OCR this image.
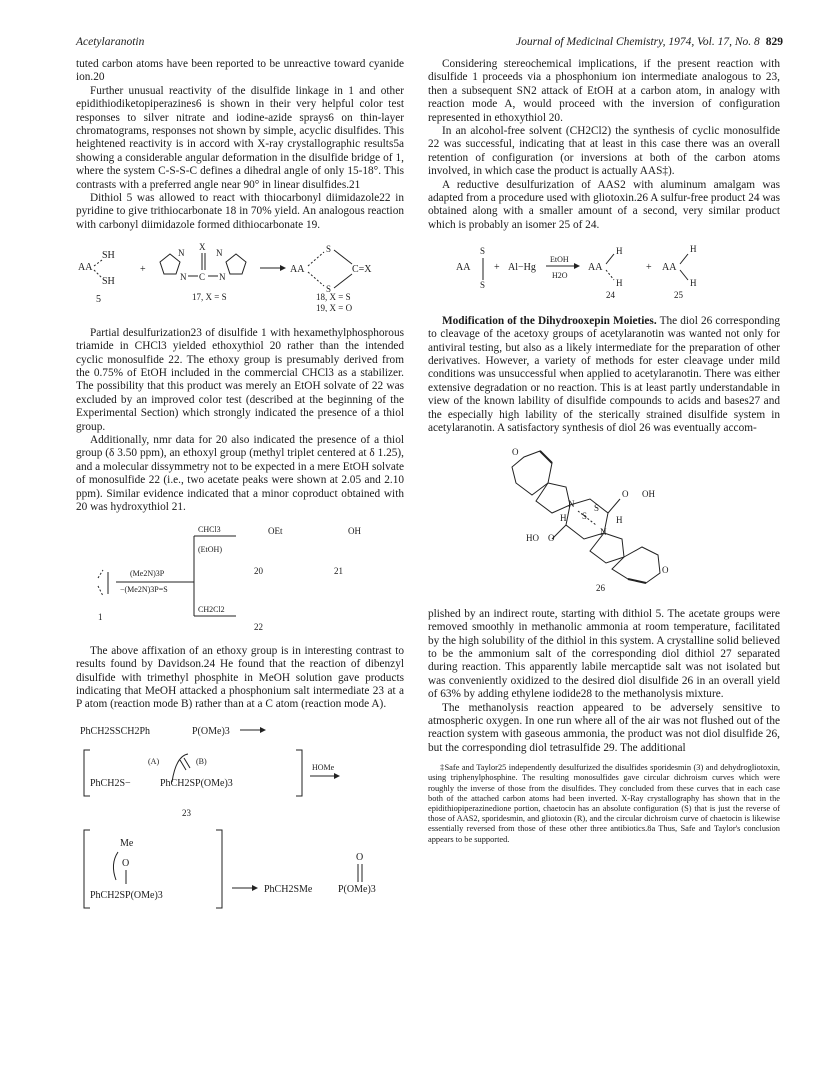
Acetylaranotin	Journal of Medicinal Chemistry, 1974, Vol. 17, No. 8 829

tuted carbon atoms have been reported to be unreactive toward cyanide ion.20

Further unusual reactivity of the disulfide linkage in 1 and other epidithiodiketopiperazines6 is shown in their very helpful color test responses to silver nitrate and iodine-azide sprays6 on thin-layer chromatograms, responses not shown by simple, acyclic disulfides. This heightened reactivity is in accord with X-ray crystallographic results5a showing a considerable angular deformation in the disulfide bridge of 1, where the system C-S-S-C defines a dihedral angle of only 15-18°. This contrasts with a preferred angle near 90° in linear disulfides.21

Dithiol 5 was allowed to react with thiocarbonyl diimidazole22 in pyridine to give trithiocarbonate 18 in 70% yield. An analogous reaction with carbonyl diimidazole formed dithiocarbonate 19.

AA
SH
SH
5
+
N
N C
X
N
N
17, X = S
AA
S
S
C=X
18, X = S
19, X = O

Partial desulfurization23 of disulfide 1 with hexamethylphosphorous triamide in CHCl3 yielded ethoxythiol 20 rather than the intended cyclic monosulfide 22. The ethoxy group is presumably derived from the 0.75% of EtOH included in the commercial CHCl3 as a stabilizer. The possibility that this product was merely an EtOH solvate of 22 was excluded by an improved color test (described at the beginning of the Experimental Section) which strongly indicated the presence of a thiol group.

Additionally, nmr data for 20 also indicated the presence of a thiol group (δ 3.50 ppm), an ethoxyl group (methyl triplet centered at δ 1.25), and a molecular dissymmetry not to be expected in a mere EtOH solvate of monosulfide 22 (i.e., two acetate peaks were shown at 2.05 and 2.10 ppm). Similar evidence indicated that a minor coproduct obtained with 20 was hydroxythiol 21.

1
(Me2N)3P
−(Me2N)3P=S
CHCl3
(EtOH)
CH2Cl2
OEt
20
OH
21
22

The above affixation of an ethoxy group is in interesting contrast to results found by Davidson.24 He found that the reaction of dibenzyl disulfide with trimethyl phosphite in MeOH solution gave products indicating that MeOH attacked a phosphonium salt intermediate 23 at a P atom (reaction mode B) rather than at a C atom (reaction mode A).

PhCH2SSCH2Ph	P(OMe)3
(A)	(B)
PhCH2S−	PhCH2SP(OMe)3
HOMe
23
Me
O
PhCH2SP(OMe)3
PhCH2SMe	P(OMe)3
O

Considering stereochemical implications, if the present reaction with disulfide 1 proceeds via a phosphonium ion intermediate analogous to 23, then a subsequent SN2 attack of EtOH at a carbon atom, in analogy with reaction mode A, would proceed with the inversion of configuration represented in ethoxythiol 20.

In an alcohol-free solvent (CH2Cl2) the synthesis of cyclic monosulfide 22 was successful, indicating that at least in this case there was an overall retention of configuration (or inversions at both of the carbon atoms involved, in which case the product is actually AAS‡).

A reductive desulfurization of AAS2 with aluminum amalgam was adapted from a procedure used with gliotoxin.26 A sulfur-free product 24 was obtained along with a smaller amount of a second, very similar product which is probably an isomer 25 of 24.

AA
S
S
+ Al−Hg
EtOH
H2O
AA
H
H
24
+ AA
H
H
25

Modification of the Dihydrooxepin Moieties. The diol 26 corresponding to cleavage of the acetoxy groups of acetylaranotin was wanted not only for antiviral testing, but also as a likely intermediate for the preparation of other derivatives. However, a variety of methods for ester cleavage under mild conditions was unsuccessful when applied to acetylaranotin. There was either extensive degradation or no reaction. This is at least partly understandable in view of the known lability of disulfide compounds to acids and bases27 and the especially high lability of the sterically strained disulfide system in acetylaranotin. A satisfactory synthesis of diol 26 was eventually accom-

O
O OH
N
N
S
S
H	H
HO O
O
26

plished by an indirect route, starting with dithiol 5. The acetate groups were removed smoothly in methanolic ammonia at room temperature, facilitated by the high solubility of the dithiol in this system. A crystalline solid believed to be the ammonium salt of the corresponding diol dithiol 27 separated during reaction. This apparently labile mercaptide salt was not isolated but was conveniently oxidized to the desired diol disulfide 26 in an overall yield of 63% by adding ethylene iodide28 to the methanolysis mixture.

The methanolysis reaction appeared to be adversely sensitive to atmospheric oxygen. In one run where all of the air was not flushed out of the reaction system with gaseous ammonia, the product was not diol disulfide 26, but the corresponding diol tetrasulfide 29. The additional

‡Safe and Taylor25 independently desulfurized the disulfides sporidesmin (3) and dehydrogliotoxin, using triphenylphosphine. The resulting monosulfides gave circular dichroism curves which were roughly the inverse of those from the disulfides. They concluded from these curves that in each case both of the attached carbon atoms had been inverted. X-Ray crystallography has shown that in the epidithiopiperazinedione portion, chaetocin has an absolute configuration (S) that is just the reverse of those of AAS2, sporidesmin, and gliotoxin (R), and the circular dichroism curve of chaetocin is likewise essentially reversed from those of these other three antibiotics.8a Thus, Safe and Taylor's conclusion appears to be supported.
